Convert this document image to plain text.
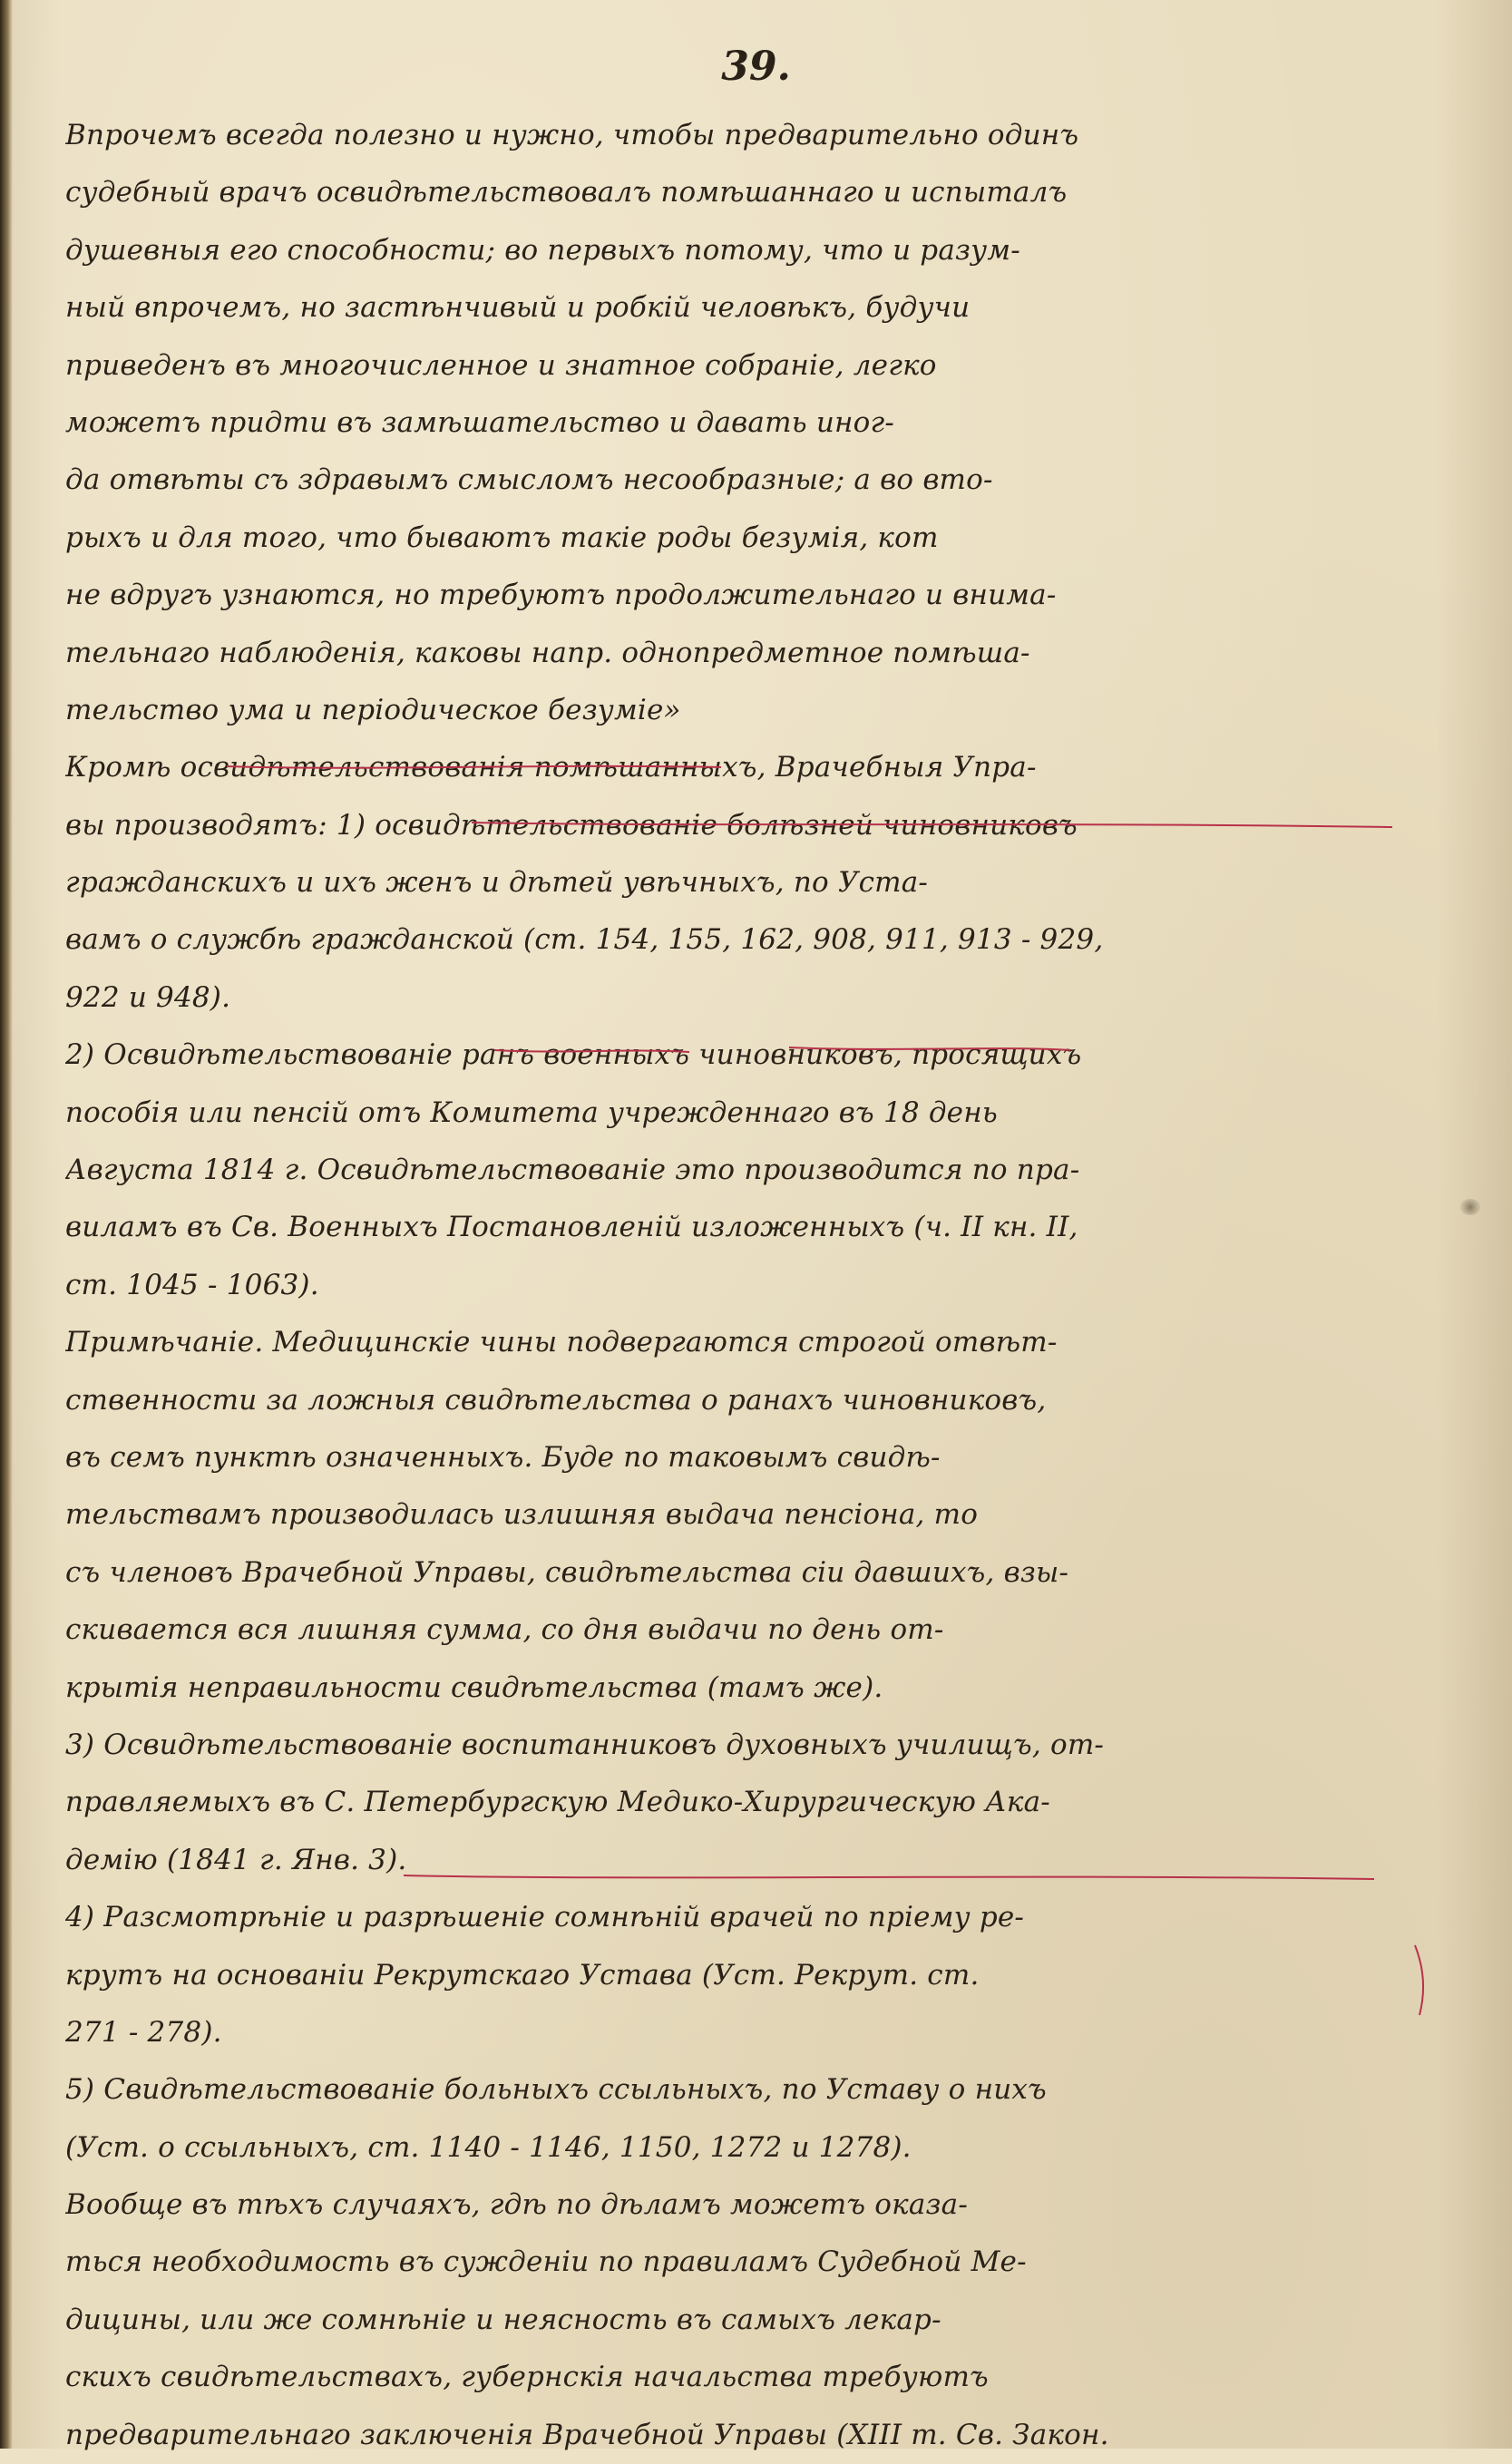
39.
Впрочемъ всегда полезно и нужно, чтобы предварительно одинъ
судебный врачъ освидѣтельствовалъ помѣшаннаго и испыталъ
душевныя его способности; во первыхъ потому, что и разум-
ный впрочемъ, но застѣнчивый и робкій человѣкъ, будучи
приведенъ въ многочисленное и знатное собраніе, легко
можетъ придти въ замѣшательство и давать иног-
да отвѣты съ здравымъ смысломъ несообразные; а во вто-
рыхъ и для того, что бываютъ такіе роды безумія, кот
не вдругъ узнаются, но требуютъ продолжительнаго и внима-
тельнаго наблюденія, каковы напр. однопредметное помѣша-
тельство ума и періодическое безуміе»
Кромѣ освидѣтельствованія помѣшанныхъ, Врачебныя Упра-
вы производятъ: 1) освидѣтельствованіе болѣзней чиновниковъ
гражданскихъ и ихъ женъ и дѣтей увѣчныхъ, по Уста-
вамъ о службѣ гражданской (ст. 154, 155, 162, 908, 911, 913 - 929,
922 и 948).
2) Освидѣтельствованіе ранъ военныхъ чиновниковъ, просящихъ
пособія или пенсій отъ Комитета учрежденнаго въ 18 день
Августа 1814 г. Освидѣтельствованіе это производится по пра-
виламъ въ Св. Военныхъ Постановленій изложенныхъ (ч. II кн. II,
ст. 1045 - 1063).
Примѣчаніе. Медицинскіе чины подвергаются строгой отвѣт-
ственности за ложныя свидѣтельства о ранахъ чиновниковъ,
въ семъ пунктѣ означенныхъ. Буде по таковымъ свидѣ-
тельствамъ производилась излишняя выдача пенсіона, то
съ членовъ Врачебной Управы, свидѣтельства сіи давшихъ, взы-
скивается вся лишняя сумма, со дня выдачи по день от-
крытія неправильности свидѣтельства (тамъ же).
3) Освидѣтельствованіе воспитанниковъ духовныхъ училищъ, от-
правляемыхъ въ С. Петербургскую Медико-Хирургическую Ака-
демію (1841 г. Янв. 3).
4) Разсмотрѣніе и разрѣшеніе сомнѣній врачей по пріему ре-
крутъ на основаніи Рекрутскаго Устава (Уст. Рекрут. ст.
271 - 278).
5) Свидѣтельствованіе больныхъ ссыльныхъ, по Уставу о нихъ
(Уст. о ссыльныхъ, ст. 1140 - 1146, 1150, 1272 и 1278).
Вообще въ тѣхъ случаяхъ, гдѣ по дѣламъ можетъ оказа-
ться необходимость въ сужденіи по правиламъ Судебной Ме-
дицины, или же сомнѣніе и неясность въ самыхъ лекар-
скихъ свидѣтельствахъ, губернскія начальства требуютъ
предварительнаго заключенія Врачебной Управы (XIII т. Св. Закон.
